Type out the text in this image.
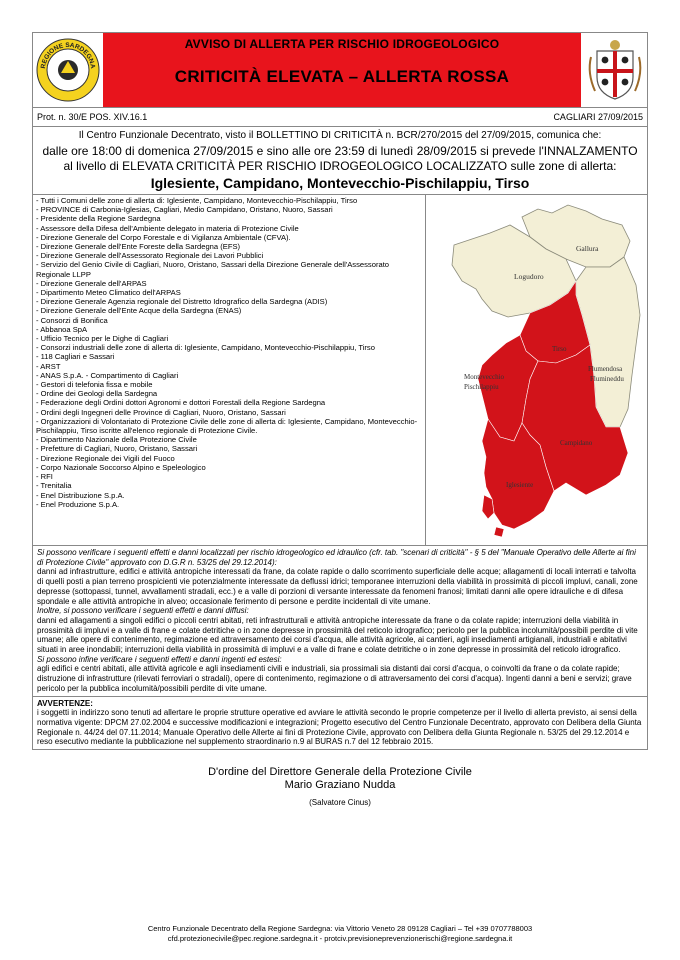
REGIONE SARDEGNA
AVVISO DI ALLERTA PER RISCHIO IDROGEOLOGICO
CRITICITÀ ELEVATA – ALLERTA ROSSA
Prot. n. 30/E POS. XIV.16.1	CAGLIARI 27/09/2015
Il Centro Funzionale Decentrato, visto il BOLLETTINO DI CRITICITÀ n. BCR/270/2015 del 27/09/2015, comunica che:
dalle ore 18:00 di domenica 27/09/2015 e sino alle ore 23:59 di lunedì 28/09/2015 si prevede l'INNALZAMENTO al livello di ELEVATA CRITICITÀ PER RISCHIO IDROGEOLOGICO LOCALIZZATO sulle zone di allerta:
Iglesiente, Campidano, Montevecchio-Pischilappiu, Tirso
- Tutti i Comuni delle zone di allerta di: Iglesiente, Campidano, Montevecchio-Pischilappiu, Tirso
- PROVINCE di Carbonia-Iglesias, Cagliari, Medio Campidano, Oristano, Nuoro, Sassari
- Presidente della Regione Sardegna
- Assessore della Difesa dell'Ambiente delegato in materia di Protezione Civile
- Direzione Generale del Corpo Forestale e di Vigilanza Ambientale (CFVA).
- Direzione Generale dell'Ente Foreste della Sardegna (EFS)
- Direzione Generale dell'Assessorato Regionale dei Lavori Pubblici
- Servizio del Genio Civile di Cagliari, Nuoro, Oristano, Sassari della Direzione Generale dell'Assessorato Regionale LLPP
- Direzione Generale dell'ARPAS
- Dipartimento Meteo Climatico dell'ARPAS
- Direzione Generale Agenzia regionale del Distretto Idrografico della Sardegna (ADIS)
- Direzione Generale dell'Ente Acque della Sardegna (ENAS)
- Consorzi di Bonifica
- Abbanoa SpA
- Ufficio Tecnico per le Dighe di Cagliari
- Consorzi industriali delle zone di allerta di: Iglesiente, Campidano, Montevecchio-Pischilappiu, Tirso
- 118 Cagliari e Sassari
- ARST
- ANAS S.p.A. - Compartimento di Cagliari
- Gestori di telefonia fissa e mobile
- Ordine dei Geologi della Sardegna
- Federazione degli Ordini dottori Agronomi e dottori Forestali della Regione Sardegna
- Ordini degli Ingegneri delle Province di Cagliari, Nuoro, Oristano, Sassari
- Organizzazioni di Volontariato di Protezione Civile delle zone di allerta di: Iglesiente, Campidano, Montevecchio-Pischilappiu, Tirso iscritte all'elenco regionale di Protezione Civile.
- Dipartimento Nazionale della Protezione Civile
- Prefetture di Cagliari, Nuoro, Oristano, Sassari
- Direzione Regionale dei Vigili del Fuoco
- Corpo Nazionale Soccorso Alpino e Speleologico
- RFI
- Trenitalia
- Enel Distribuzione S.p.A.
- Enel Produzione S.p.A.
Gallura
Logudoro
Tirso
Flumendosa
Flumineddu
Montevecchio
Pischilappiu
Campidano
Iglesiente
Si possono verificare i seguenti effetti e danni localizzati per rischio idrogeologico ed idraulico (cfr. tab. "scenari di criticità" - § 5 del "Manuale Operativo delle Allerte ai fini di Protezione Civile" approvato con D.G.R n. 53/25 del 29.12.2014):
danni ad infrastrutture, edifici e attività antropiche interessati da frane, da colate rapide o dallo scorrimento superficiale delle acque; allagamenti di locali interrati e talvolta di quelli posti a pian terreno prospicienti vie potenzialmente interessate da deflussi idrici; temporanee interruzioni della viabilità in prossimità di piccoli impluvi, canali, zone depresse (sottopassi, tunnel, avvallamenti stradali, ecc.) e a valle di porzioni di versante interessate da fenomeni franosi; limitati danni alle opere idrauliche e di difesa spondale e alle attività antropiche in alveo; occasionale ferimento di persone e perdite incidentali di vite umane.
Inoltre, si possono verificare i seguenti effetti e danni diffusi:
danni ed allagamenti a singoli edifici o piccoli centri abitati, reti infrastrutturali e attività antropiche interessate da frane o da colate rapide; interruzioni della viabilità in prossimità di impluvi e a valle di frane e colate detritiche o in zone depresse in prossimità del reticolo idrografico; pericolo per la pubblica incolumità/possibili perdite di vite umane; alle opere di contenimento, regimazione ed attraversamento dei corsi d'acqua, alle attività agricole, ai cantieri, agli insediamenti artigianali, industriali e abitativi situati in aree inondabili; interruzioni della viabilità in prossimità di impluvi e a valle di frane e colate detritiche o in zone depresse in prossimità del reticolo idrografico.
Si possono infine verificare i seguenti effetti e danni ingenti ed estesi:
agli edifici e centri abitati, alle attività agricole e agli insediamenti civili e industriali, sia prossimali sia distanti dai corsi d'acqua, o coinvolti da frane o da colate rapide; distruzione di infrastrutture (rilevati ferroviari o stradali), opere di contenimento, regimazione o di attraversamento dei corsi d'acqua). Ingenti danni a beni e servizi; grave pericolo per la pubblica incolumità/possibili perdite di vite umane.
AVVERTENZE:
i soggetti in indirizzo sono tenuti ad allertare le proprie strutture operative ed avviare le attività secondo le proprie competenze per il livello di allerta previsto, ai sensi della normativa vigente: DPCM 27.02.2004 e successive modificazioni e integrazioni; Progetto esecutivo del Centro Funzionale Decentrato, approvato con Delibera della Giunta Regionale n. 44/24 del 07.11.2014; Manuale Operativo delle Allerte ai fini di Protezione Civile, approvato con Delibera della Giunta Regionale n. 53/25 del 29.12.2014 e reso esecutivo mediante la pubblicazione nel supplemento straordinario n.9 al BURAS n.7 del 12 febbraio 2015.
D'ordine del Direttore Generale della Protezione Civile
Mario Graziano Nudda
(Salvatore Cinus)
Centro Funzionale Decentrato della Regione Sardegna: via Vittorio Veneto 28 09128 Cagliari – Tel +39 0707788003
cfd.protezionecivile@pec.regione.sardegna.it - protciv.previsioneprevenzionerischi@regione.sardegna.it
